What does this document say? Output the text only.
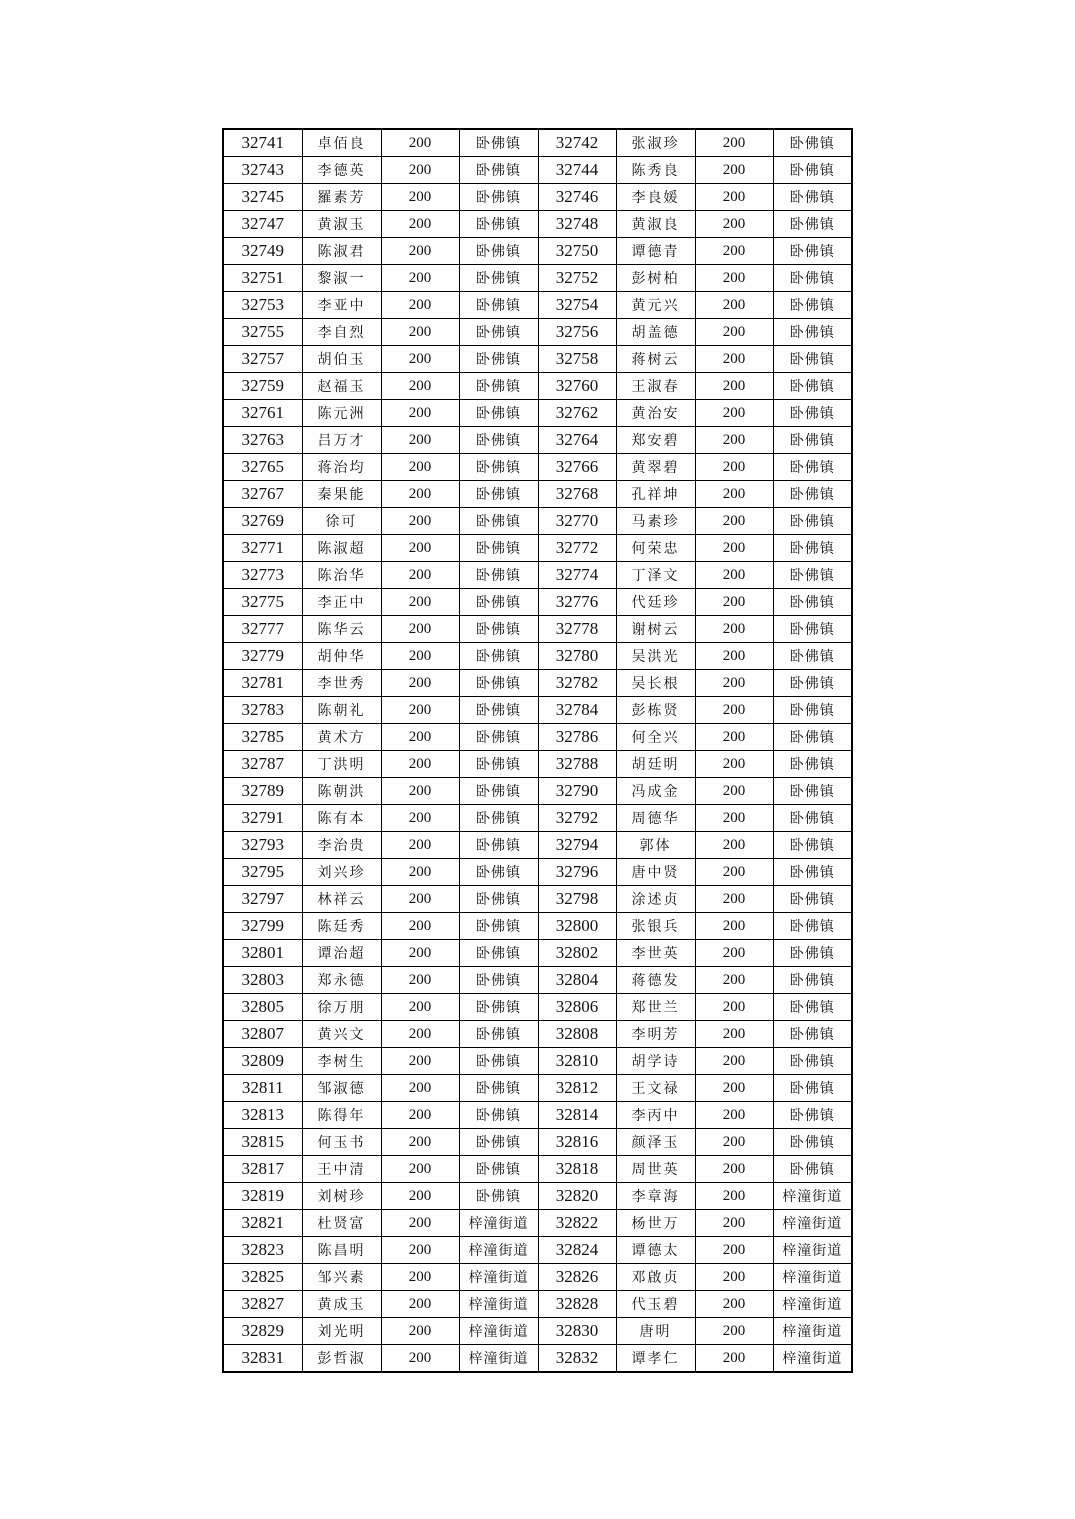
32741	卓佰良	200	卧佛镇	32742	张淑珍	200	卧佛镇
32743	李德英	200	卧佛镇	32744	陈秀良	200	卧佛镇
32745	羅素芳	200	卧佛镇	32746	李良媛	200	卧佛镇
32747	黄淑玉	200	卧佛镇	32748	黄淑良	200	卧佛镇
32749	陈淑君	200	卧佛镇	32750	谭德青	200	卧佛镇
32751	黎淑一	200	卧佛镇	32752	彭树柏	200	卧佛镇
32753	李亚中	200	卧佛镇	32754	黄元兴	200	卧佛镇
32755	李自烈	200	卧佛镇	32756	胡盖德	200	卧佛镇
32757	胡伯玉	200	卧佛镇	32758	蒋树云	200	卧佛镇
32759	赵福玉	200	卧佛镇	32760	王淑春	200	卧佛镇
32761	陈元洲	200	卧佛镇	32762	黄治安	200	卧佛镇
32763	吕万才	200	卧佛镇	32764	郑安碧	200	卧佛镇
32765	蒋治均	200	卧佛镇	32766	黄翠碧	200	卧佛镇
32767	秦果能	200	卧佛镇	32768	孔祥坤	200	卧佛镇
32769	徐可	200	卧佛镇	32770	马素珍	200	卧佛镇
32771	陈淑超	200	卧佛镇	32772	何荣忠	200	卧佛镇
32773	陈治华	200	卧佛镇	32774	丁泽文	200	卧佛镇
32775	李正中	200	卧佛镇	32776	代廷珍	200	卧佛镇
32777	陈华云	200	卧佛镇	32778	谢树云	200	卧佛镇
32779	胡仲华	200	卧佛镇	32780	吴洪光	200	卧佛镇
32781	李世秀	200	卧佛镇	32782	吴长根	200	卧佛镇
32783	陈朝礼	200	卧佛镇	32784	彭栋贤	200	卧佛镇
32785	黄术方	200	卧佛镇	32786	何全兴	200	卧佛镇
32787	丁洪明	200	卧佛镇	32788	胡廷明	200	卧佛镇
32789	陈朝洪	200	卧佛镇	32790	冯成金	200	卧佛镇
32791	陈有本	200	卧佛镇	32792	周德华	200	卧佛镇
32793	李治贵	200	卧佛镇	32794	郭体	200	卧佛镇
32795	刘兴珍	200	卧佛镇	32796	唐中贤	200	卧佛镇
32797	林祥云	200	卧佛镇	32798	涂述贞	200	卧佛镇
32799	陈廷秀	200	卧佛镇	32800	张银兵	200	卧佛镇
32801	谭治超	200	卧佛镇	32802	李世英	200	卧佛镇
32803	郑永德	200	卧佛镇	32804	蒋德发	200	卧佛镇
32805	徐万朋	200	卧佛镇	32806	郑世兰	200	卧佛镇
32807	黄兴文	200	卧佛镇	32808	李明芳	200	卧佛镇
32809	李树生	200	卧佛镇	32810	胡学诗	200	卧佛镇
32811	邹淑德	200	卧佛镇	32812	王文禄	200	卧佛镇
32813	陈得年	200	卧佛镇	32814	李丙中	200	卧佛镇
32815	何玉书	200	卧佛镇	32816	颜泽玉	200	卧佛镇
32817	王中清	200	卧佛镇	32818	周世英	200	卧佛镇
32819	刘树珍	200	卧佛镇	32820	李章海	200	梓潼街道
32821	杜贤富	200	梓潼街道	32822	杨世万	200	梓潼街道
32823	陈昌明	200	梓潼街道	32824	谭德太	200	梓潼街道
32825	邹兴素	200	梓潼街道	32826	邓啟贞	200	梓潼街道
32827	黄成玉	200	梓潼街道	32828	代玉碧	200	梓潼街道
32829	刘光明	200	梓潼街道	32830	唐明	200	梓潼街道
32831	彭哲淑	200	梓潼街道	32832	谭孝仁	200	梓潼街道
